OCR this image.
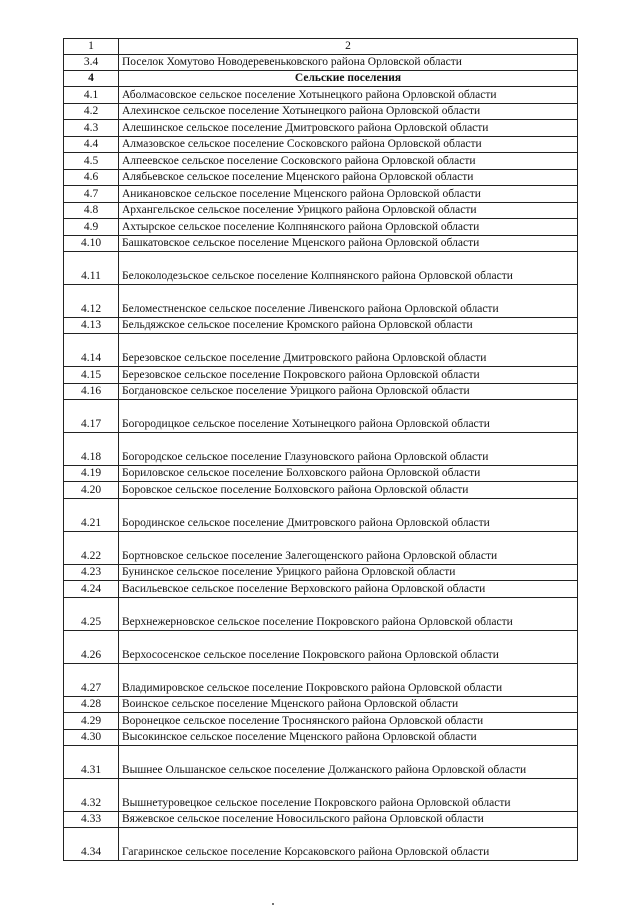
1	2
3.4	Поселок Хомутово Новодеревеньковского района Орловской области
4	Сельские поселения
4.1	Аболмасовское сельское поселение Хотынецкого района Орловской области
4.2	Алехинское сельское поселение Хотынецкого района Орловской области
4.3	Алешинское сельское поселение Дмитровского района Орловской области
4.4	Алмазовское сельское поселение Сосковского района Орловской области
4.5	Алпеевское сельское поселение Сосковского района Орловской области
4.6	Алябьевское сельское поселение Мценского района Орловской области
4.7	Аникановское сельское поселение Мценского района Орловской области
4.8	Архангельское сельское поселение Урицкого района Орловской области
4.9	Ахтырское сельское поселение Колпнянского района Орловской области
4.10	Башкатовское сельское поселение Мценского района Орловской области
4.11	Белоколодезьское сельское поселение Колпнянского района Орловской области
4.12	Беломестненское сельское поселение Ливенского района Орловской области
4.13	Бельдяжское сельское поселение Кромского района Орловской области
4.14	Березовское сельское поселение Дмитровского района Орловской области
4.15	Березовское сельское поселение Покровского района Орловской области
4.16	Богдановское сельское поселение Урицкого района Орловской области
4.17	Богородицкое сельское поселение Хотынецкого района Орловской области
4.18	Богородское сельское поселение Глазуновского района Орловской области
4.19	Бориловское сельское поселение Болховского района Орловской области
4.20	Боровское сельское поселение Болховского района Орловской области
4.21	Бородинское сельское поселение Дмитровского района Орловской области
4.22	Бортновское сельское поселение Залегощенского района Орловской области
4.23	Бунинское сельское поселение Урицкого района Орловской области
4.24	Васильевское сельское поселение Верховского района Орловской области
4.25	Верхнежерновское сельское поселение Покровского района Орловской области
4.26	Верхососенское сельское поселение Покровского района Орловской области
4.27	Владимировское сельское поселение Покровского района Орловской области
4.28	Воинское сельское поселение Мценского района Орловской области
4.29	Воронецкое сельское поселение Троснянского района Орловской области
4.30	Высокинское сельское поселение Мценского района Орловской области
4.31	Вышнее Ольшанское сельское поселение Должанского района Орловской области
4.32	Вышнетуровецкое сельское поселение Покровского района Орловской области
4.33	Вяжевское сельское поселение Новосильского района Орловской области
4.34	Гагаринское сельское поселение Корсаковского района Орловской области
